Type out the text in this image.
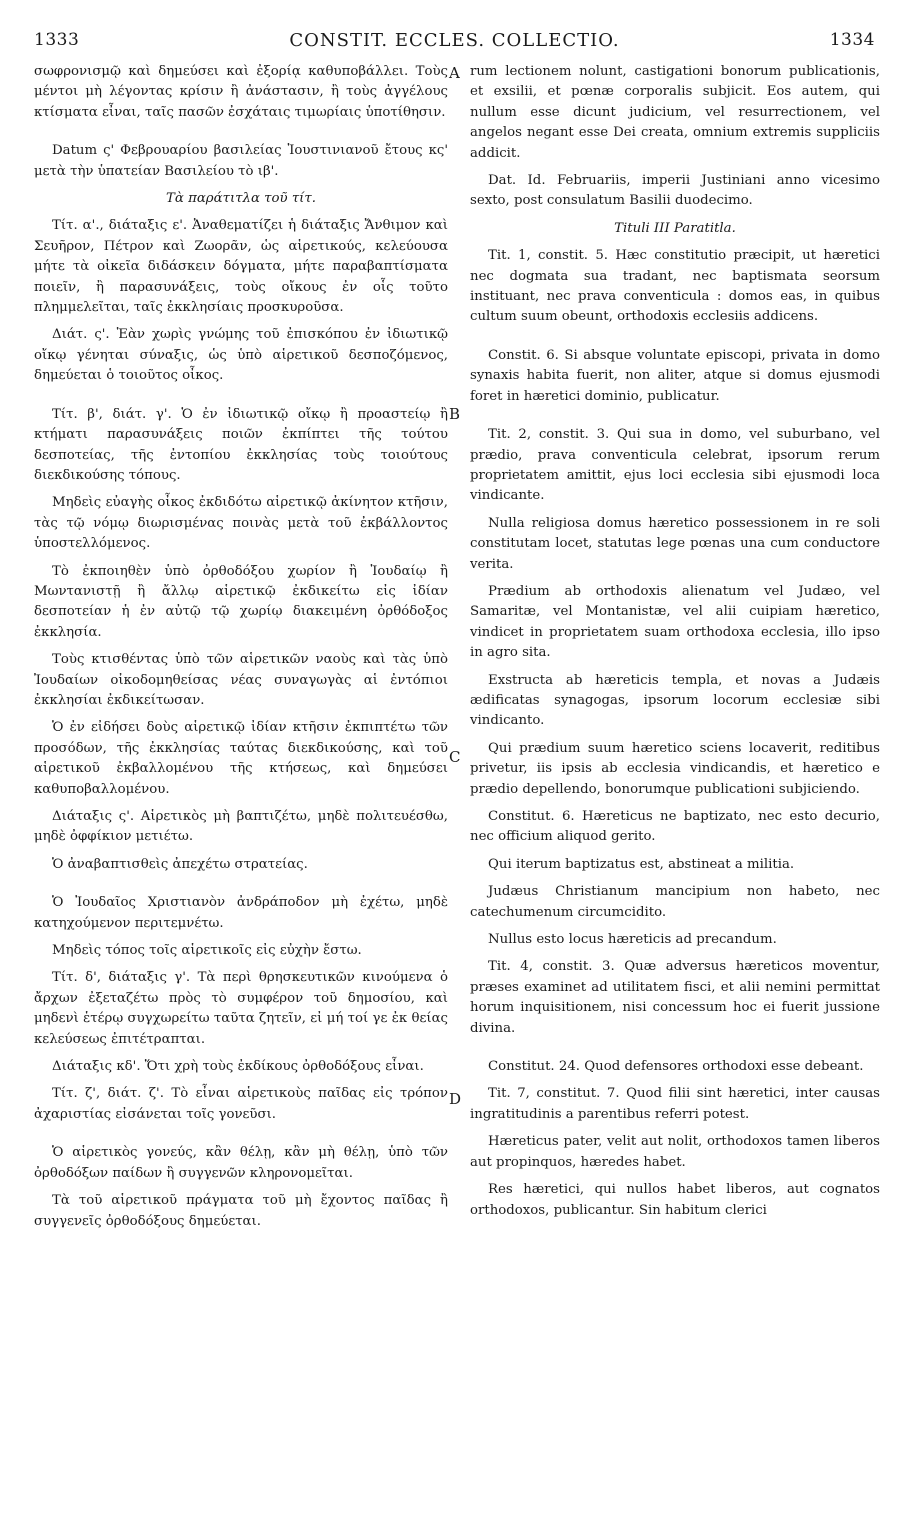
1333	CONSTIT. ECCLES. COLLECTIO.	1334
A
B
C
D

σωφρονισμῷ καὶ δημεύσει καὶ ἐξορίᾳ καθυποβάλλει. Τοὺς μέντοι μὴ λέγοντας κρίσιν ἢ ἀνάστασιν, ἢ τοὺς ἀγγέλους κτίσματα εἶναι, ταῖς πασῶν ἐσχάταις τιμωρίαις ὑποτίθησιν.

Datum ς' Φεβρουαρίου βασιλείας Ἰουστινιανοῦ ἔτους κς' μετὰ τὴν ὑπατείαν Βασιλείου τὸ ιβ'.

Τὰ παράτιτλα τοῦ τίτ.

Τίτ. α'., διάταξις ε'. Ἀναθεματίζει ἡ διάταξις Ἄνθιμον καὶ Σευῆρον, Πέτρον καὶ Ζωορᾶν, ὡς αἱρετικούς, κελεύουσα μήτε τὰ οἰκεῖα διδάσκειν δόγματα, μήτε παραβαπτίσματα ποιεῖν, ἢ παρασυνάξεις, τοὺς οἴκους ἐν οἷς τοῦτο πλημμελεῖται, ταῖς ἐκκλησίαις προσκυροῦσα.

Διάτ. ς'. Ἐὰν χωρὶς γνώμης τοῦ ἐπισκόπου ἐν ἰδιωτικῷ οἴκῳ γένηται σύναξις, ὡς ὑπὸ αἱρετικοῦ δεσποζόμενος, δημεύεται ὁ τοιοῦτος οἶκος.

Τίτ. β', διάτ. γ'. Ὁ ἐν ἰδιωτικῷ οἴκῳ ἢ προαστείῳ ἢ κτήματι παρασυνάξεις ποιῶν ἐκπίπτει τῆς τούτου δεσποτείας, τῆς ἐντοπίου ἐκκλησίας τοὺς τοιούτους διεκδικούσης τόπους.

Μηδεὶς εὐαγὴς οἶκος ἐκδιδότω αἱρετικῷ ἀκίνητον κτῆσιν, τὰς τῷ νόμῳ διωρισμένας ποινὰς μετὰ τοῦ ἐκβάλλοντος ὑποστελλόμενος.

Τὸ ἐκποιηθὲν ὑπὸ ὀρθοδόξου χωρίον ἢ Ἰουδαίῳ ἢ Μωντανιστῇ ἢ ἄλλῳ αἱρετικῷ ἐκδικείτω εἰς ἰδίαν δεσποτείαν ἡ ἐν αὐτῷ τῷ χωρίῳ διακειμένη ὀρθόδοξος ἐκκλησία.

Τοὺς κτισθέντας ὑπὸ τῶν αἱρετικῶν ναοὺς καὶ τὰς ὑπὸ Ἰουδαίων οἰκοδομηθείσας νέας συναγωγὰς αἱ ἐντόπιοι ἐκκλησίαι ἐκδικείτωσαν.

Ὁ ἐν εἰδήσει δοὺς αἱρετικῷ ἰδίαν κτῆσιν ἐκπιπτέτω τῶν προσόδων, τῆς ἐκκλησίας ταύτας διεκδικούσης, καὶ τοῦ αἱρετικοῦ ἐκβαλλομένου τῆς κτήσεως, καὶ δημεύσει καθυποβαλλομένου.

Διάταξις ς'. Αἱρετικὸς μὴ βαπτιζέτω, μηδὲ πολιτευέσθω, μηδὲ ὀφφίκιον μετιέτω.

Ὁ ἀναβαπτισθεὶς ἀπεχέτω στρατείας.

Ὁ Ἰουδαῖος Χριστιανὸν ἀνδράποδον μὴ ἐχέτω, μηδὲ κατηχούμενον περιτεμνέτω.

Μηδεὶς τόπος τοῖς αἱρετικοῖς εἰς εὐχὴν ἔστω.

Τίτ. δ', διάταξις γ'. Τὰ περὶ θρησκευτικῶν κινούμενα ὁ ἄρχων ἐξεταζέτω πρὸς τὸ συμφέρον τοῦ δημοσίου, καὶ μηδενὶ ἑτέρῳ συγχωρείτω ταῦτα ζητεῖν, εἰ μή τοί γε ἐκ θείας κελεύσεως ἐπιτέτραπται.

Διάταξις κδ'. Ὅτι χρὴ τοὺς ἐκδίκους ὀρθοδόξους εἶναι.

Τίτ. ζ', διάτ. ζ'. Τὸ εἶναι αἱρετικοὺς παῖδας εἰς τρόπον ἀχαριστίας εἰσάνεται τοῖς γονεῦσι.

Ὁ αἱρετικὸς γονεύς, κἂν θέλῃ, κἂν μὴ θέλῃ, ὑπὸ τῶν ὀρθοδόξων παίδων ἢ συγγενῶν κληρονομεῖται.

Τὰ τοῦ αἱρετικοῦ πράγματα τοῦ μὴ ἔχοντος παῖδας ἢ συγγενεῖς ὀρθοδόξους δημεύεται.

rum lectionem nolunt, castigationi bonorum publicationis, et exsilii, et pœnæ corporalis subjicit. Eos autem, qui nullum esse dicunt judicium, vel resurrectionem, vel angelos negant esse Dei creata, omnium extremis suppliciis addicit.

Dat. Id. Februariis, imperii Justiniani anno vicesimo sexto, post consulatum Basilii duodecimo.

Tituli III Paratitla.

Tit. 1, constit. 5. Hæc constitutio præcipit, ut hæretici nec dogmata sua tradant, nec baptismata seorsum instituant, nec prava conventicula : domos eas, in quibus cultum suum obeunt, orthodoxis ecclesiis addicens.

Constit. 6. Si absque voluntate episcopi, privata in domo synaxis habita fuerit, non aliter, atque si domus ejusmodi foret in hæretici dominio, publicatur.

Tit. 2, constit. 3. Qui sua in domo, vel suburbano, vel prædio, prava conventicula celebrat, ipsorum rerum proprietatem amittit, ejus loci ecclesia sibi ejusmodi loca vindicante.

Nulla religiosa domus hæretico possessionem in re soli constitutam locet, statutas lege pœnas una cum conductore verita.

Prædium ab orthodoxis alienatum vel Judæo, vel Samaritæ, vel Montanistæ, vel alii cuipiam hæretico, vindicet in proprietatem suam orthodoxa ecclesia, illo ipso in agro sita.

Exstructa ab hæreticis templa, et novas a Judæis ædificatas synagogas, ipsorum locorum ecclesiæ sibi vindicanto.

Qui prædium suum hæretico sciens locaverit, reditibus privetur, iis ipsis ab ecclesia vindicandis, et hæretico e prædio depellendo, bonorumque publicationi subjiciendo.

Constitut. 6. Hæreticus ne baptizato, nec esto decurio, nec officium aliquod gerito.

Qui iterum baptizatus est, abstineat a militia.

Judæus Christianum mancipium non habeto, nec catechumenum circumcidito.

Nullus esto locus hæreticis ad precandum.

Tit. 4, constit. 3. Quæ adversus hæreticos moventur, præses examinet ad utilitatem fisci, et alii nemini permittat horum inquisitionem, nisi concessum hoc ei fuerit jussione divina.

Constitut. 24. Quod defensores orthodoxi esse debeant.

Tit. 7, constitut. 7. Quod filii sint hæretici, inter causas ingratitudinis a parentibus referri potest.

Hæreticus pater, velit aut nolit, orthodoxos tamen liberos aut propinquos, hæredes habet.

Res hæretici, qui nullos habet liberos, aut cognatos orthodoxos, publicantur. Sin habitum clerici
